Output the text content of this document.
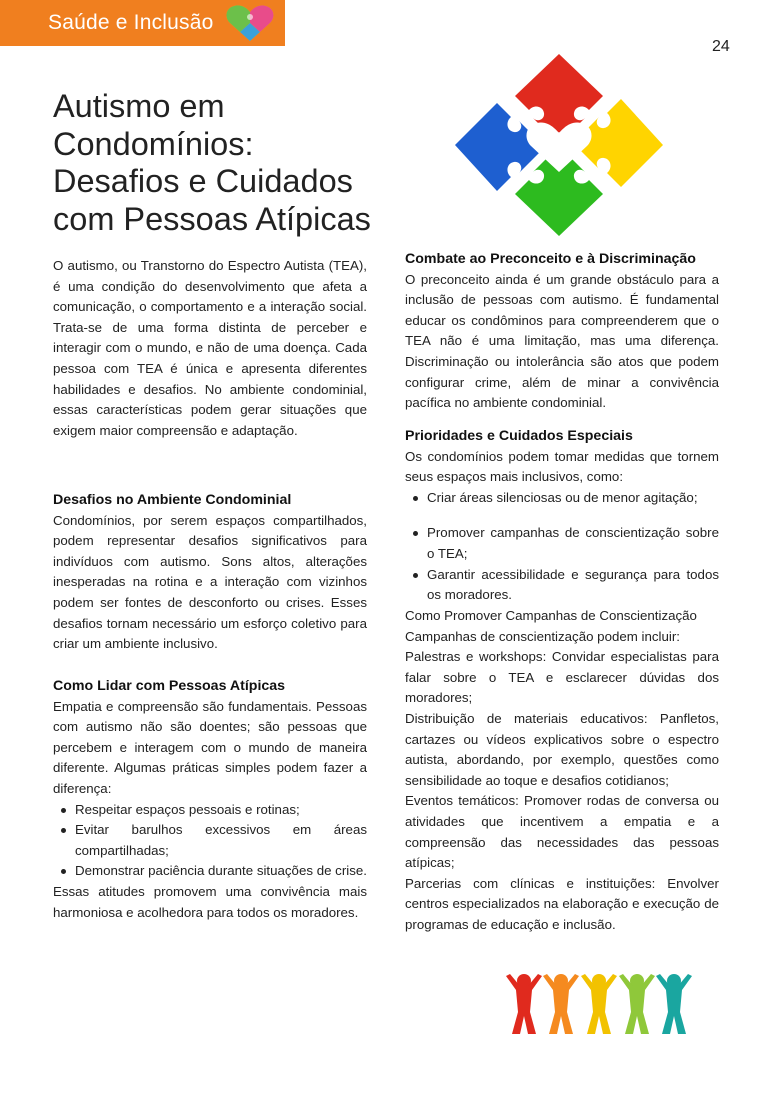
Saúde e Inclusão
24
Autismo em
Condomínios:
Desafios e Cuidados
com Pessoas Atípicas

O autismo, ou Transtorno do Espectro Autista (TEA), é uma condição do desenvolvimento que afeta a comunicação, o comportamento e a interação social. Trata-se de uma forma distinta de perceber e interagir com o mundo, e não de uma doença. Cada pessoa com TEA é única e apresenta diferentes habilidades e desafios. No ambiente condominial, essas características podem gerar situações que exigem maior compreensão e adaptação.

Desafios no Ambiente Condominial

Condomínios, por serem espaços compartilhados, podem representar desafios significativos para indivíduos com autismo. Sons altos, alterações inesperadas na rotina e a interação com vizinhos podem ser fontes de desconforto ou crises. Esses desafios tornam necessário um esforço coletivo para criar um ambiente inclusivo.

Como Lidar com Pessoas Atípicas

Empatia e compreensão são fundamentais. Pessoas com autismo não são doentes; são pessoas que percebem e interagem com o mundo de maneira diferente. Algumas práticas simples podem fazer a diferença:

Respeitar espaços pessoais e rotinas;
Evitar barulhos excessivos em áreas compartilhadas;
Demonstrar paciência durante situações de crise.

Essas atitudes promovem uma convivência mais harmoniosa e acolhedora para todos os moradores.

Combate ao Preconceito e à Discriminação

O preconceito ainda é um grande obstáculo para a inclusão de pessoas com autismo. É fundamental educar os condôminos para compreenderem que o TEA não é uma limitação, mas uma diferença. Discriminação ou intolerância são atos que podem configurar crime, além de minar a convivência pacífica no ambiente condominial.

Prioridades e Cuidados Especiais

Os condomínios podem tomar medidas que tornem seus espaços mais inclusivos, como:

Criar áreas silenciosas ou de menor agitação;
Promover campanhas de conscientização sobre o TEA;
Garantir acessibilidade e segurança para todos os moradores.
Como Promover Campanhas de Conscientização
Campanhas de conscientização podem incluir:

Palestras e workshops: Convidar especialistas para falar sobre o TEA e esclarecer dúvidas dos moradores;

Distribuição de materiais educativos: Panfletos, cartazes ou vídeos explicativos sobre o espectro autista, abordando, por exemplo, questões como sensibilidade ao toque e desafios cotidianos;

Eventos temáticos: Promover rodas de conversa ou atividades que incentivem a empatia e a compreensão das necessidades das pessoas atípicas;

Parcerias com clínicas e instituições: Envolver centros especializados na elaboração e execução de programas de educação e inclusão.
